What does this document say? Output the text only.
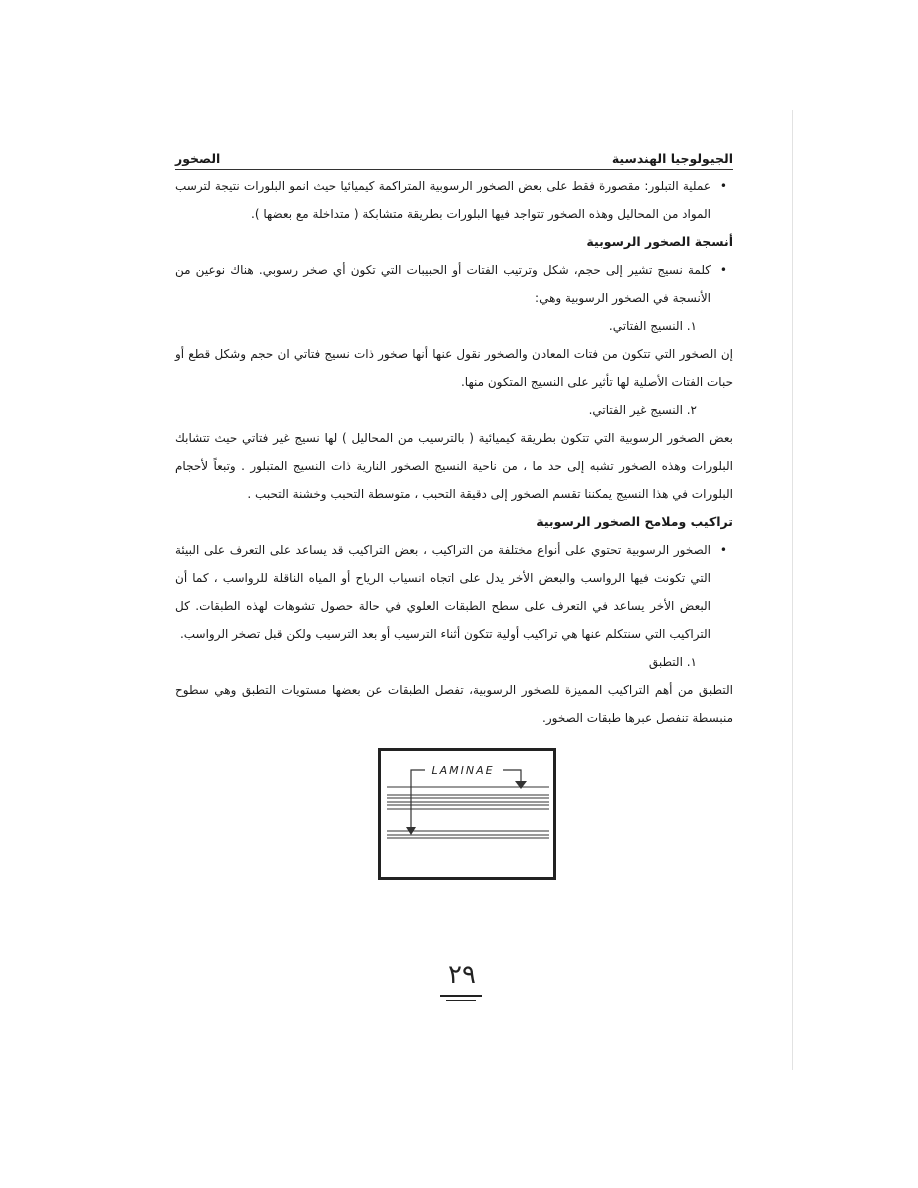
الجيولوجيا الهندسية
الصخور

• عملية التبلور: مقصورة فقط على بعض الصخور الرسوبية المتراكمة كيميائيا حيث انمو البلورات نتيجة لترسب المواد من المحاليل وهذه الصخور تتواجد فيها البلورات بطريقة متشابكة ( متداخلة مع بعضها ).

أنسجة الصخور الرسوبية

• كلمة نسيج تشير إلى حجم، شكل وترتيب الفتات أو الحبيبات التي تكون أي صخر رسوبي. هناك نوعين من الأنسجة في الصخور الرسوبية وهي:

١. النسيج الفتاتي.

إن الصخور التي تتكون من فتات المعادن والصخور نقول عنها أنها صخور ذات نسيج فتاتي ان حجم وشكل قطع أو حبات الفتات الأصلية لها تأثير على النسيج المتكون منها.

٢. النسيج غير الفتاتي.

بعض الصخور الرسوبية التي تتكون بطريقة كيميائية ( بالترسيب من المحاليل ) لها نسيج غير فتاتي حيث تتشابك البلورات وهذه الصخور تشبه إلى حد ما ، من ناحية النسيج الصخور النارية ذات النسيج المتبلور . وتبعاً لأحجام البلورات في هذا النسيج يمكننا تقسم الصخور إلى دقيقة التحبب ، متوسطة التحبب وخشنة التحبب .

تراكيب وملامح الصخور الرسوبية

• الصخور الرسوبية تحتوي على أنواع مختلفة من التراكيب ، بعض التراكيب قد يساعد على التعرف على البيئة التي تكونت فيها الرواسب والبعض الأخر يدل على اتجاه انسياب الرياح أو المياه الناقلة للرواسب ، كما أن البعض الأخر يساعد في التعرف على سطح الطبقات العلوي في حالة حصول تشوهات لهذه الطبقات. كل التراكيب التي سنتكلم عنها هي تراكيب أولية تتكون أثناء الترسيب أو بعد الترسيب ولكن قبل تصخر الرواسب.

١. التطبق

التطبق من أهم التراكيب المميزة للصخور الرسوبية، تفصل الطبقات عن بعضها مستويات التطبق وهي سطوح منبسطة تنفصل عبرها طبقات الصخور.

LAMINAE
٢٩
